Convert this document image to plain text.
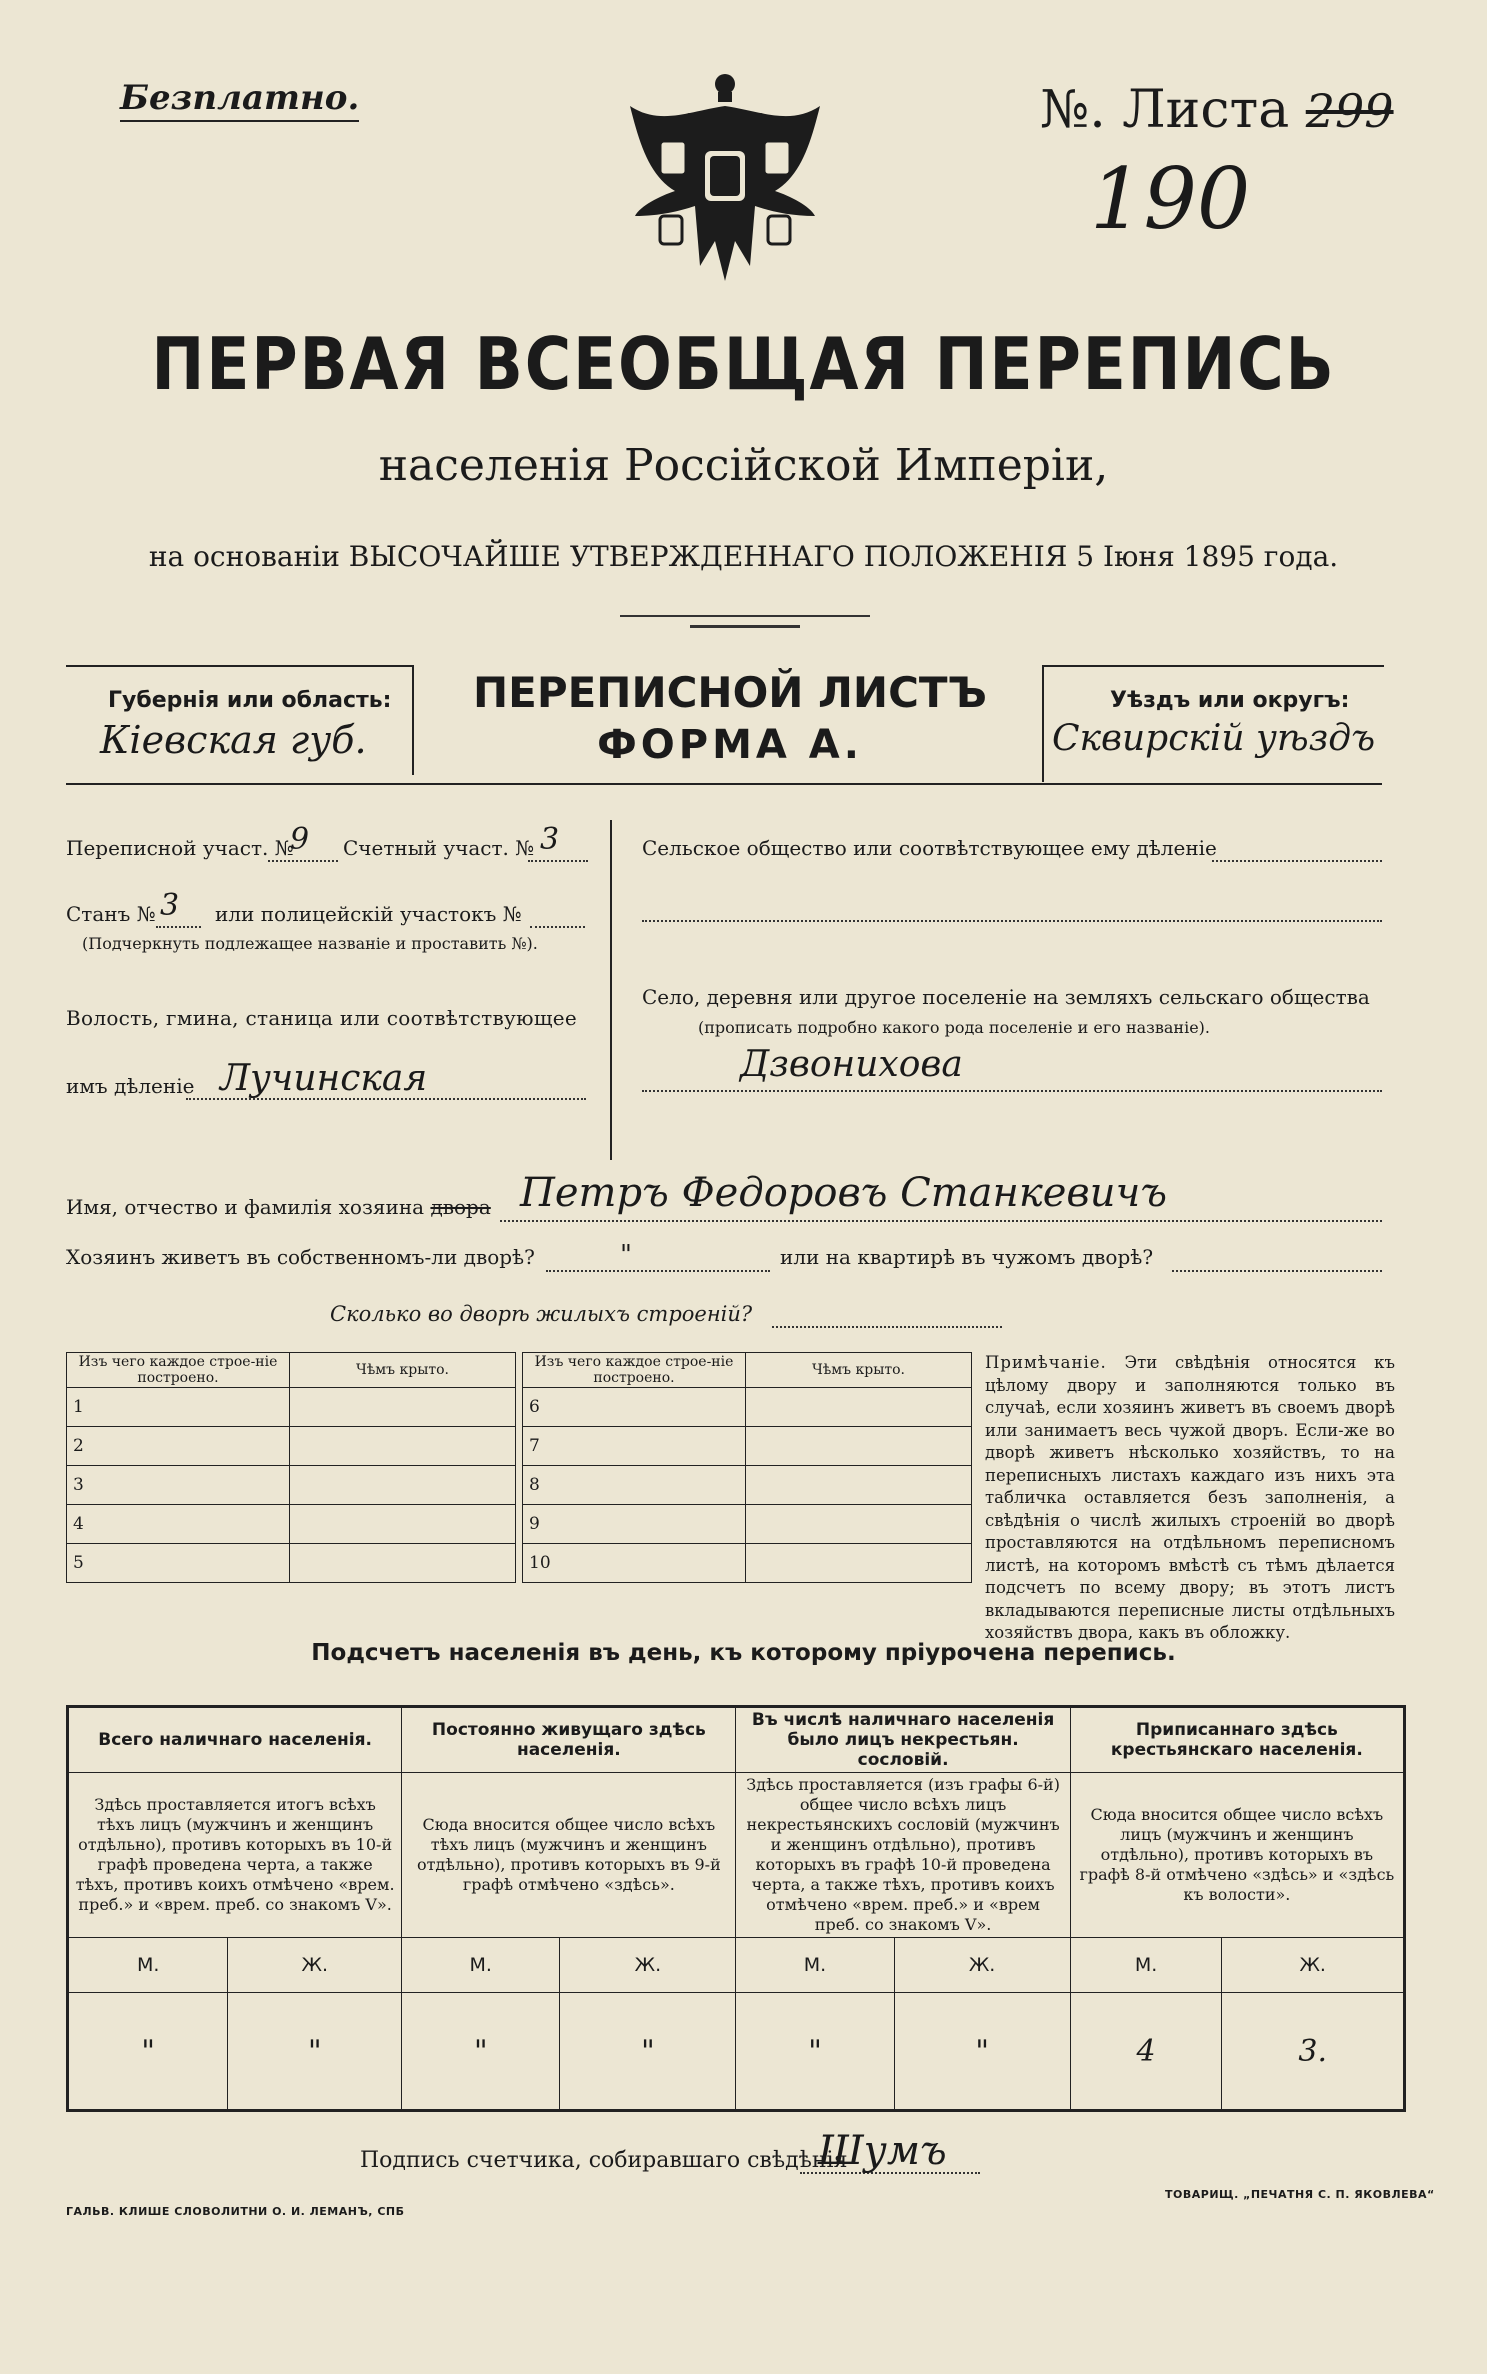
Безплатно.	№. Листа 299
190
ПЕРВАЯ ВСЕОБЩАЯ ПЕРЕПИСЬ
населенія Россійской Имперіи,
на основаніи ВЫСОЧАЙШЕ УТВЕРЖДЕННАГО ПОЛОЖЕНІЯ 5 Іюня 1895 года.
Губернія или область:
Кіевская губ.
ПЕРЕПИСНОЙ ЛИСТЪ
ФОРМА А.
Уѣздъ или округъ:
Сквирскій уѣздъ
Переписной участ. №
9 Счетный участ. № 3
Станъ № 3 или полицейскій участокъ №
(Подчеркнуть подлежащее названіе и проставить №).
Волость, гмина, станица или соотвѣтствующее
имъ дѣленіе Лучинская
Сельское общество или соотвѣтствующее ему дѣленіе
Село, деревня или другое поселеніе на земляхъ сельскаго общества
(прописать подробно какого рода поселеніе и его названіе).
Дзвонихова
Имя, отчество и фамилія хозяина двора Петръ Федоровъ Станкевичъ
Хозяинъ живетъ въ собственномъ-ли дворѣ?	"	или на квартирѣ въ чужомъ дворѣ?
Сколько во дворѣ жилыхъ строеній?
Изъ чего каждое строе-ніе построено.	Чѣмъ крыто.
1	
2	
3	
4	
5	
Изъ чего каждое строе-ніе построено.	Чѣмъ крыто.
6	
7	
8	
9	
10	
Примѣчаніе. Эти свѣдѣнія относятся къ цѣлому двору и заполняются только въ случаѣ, если хозяинъ живетъ въ своемъ дворѣ или занимаетъ весь чужой дворъ. Если-же во дворѣ живетъ нѣсколько хозяйствъ, то на переписныхъ листахъ каждаго изъ нихъ эта табличка оставляется безъ заполненія, а свѣдѣнія о числѣ жилыхъ строеній во дворѣ проставляются на отдѣльномъ переписномъ листѣ, на которомъ вмѣстѣ съ тѣмъ дѣлается подсчетъ по всему двору; въ этотъ листъ вкладываются переписные листы отдѣльныхъ хозяйствъ двора, какъ въ обложку.
Подсчетъ населенія въ день, къ которому пріурочена перепись.
Всего наличнаго населенія.		Постоянно живущаго здѣсь населенія.		Въ числѣ наличнаго населенія было лицъ некрестьян. сословій.		Приписаннаго здѣсь крестьянскаго населенія.	
Здѣсь проставляется итогъ всѣхъ тѣхъ лицъ (мужчинъ и женщинъ отдѣльно), противъ которыхъ въ 10-й графѣ проведена черта, а также тѣхъ, противъ коихъ отмѣчено «врем. преб.» и «врем. преб. со знакомъ V».		Сюда вносится общее число всѣхъ тѣхъ лицъ (мужчинъ и женщинъ отдѣльно), противъ которыхъ въ 9-й графѣ отмѣчено «здѣсь».		Здѣсь проставляется (изъ графы 6-й) общее число всѣхъ лицъ некрестьянскихъ сословій (мужчинъ и женщинъ отдѣльно), противъ которыхъ въ графѣ 10-й проведена черта, а также тѣхъ, противъ коихъ отмѣчено «врем. преб.» и «врем преб. со знакомъ V».		Сюда вносится общее число всѣхъ лицъ (мужчинъ и женщинъ отдѣльно), противъ которыхъ въ графѣ 8-й отмѣчено «здѣсь» и «здѣсь къ волости».	
М.	Ж.	М.	Ж.	М.	Ж.	М.	Ж.
"	"	"	"	"	"	4	3.
Подпись счетчика, собиравшаго свѣдѣнія
Шумъ
ГАЛЬВ. КЛИШЕ СЛОВОЛИТНИ О. И. ЛЕМАНЪ, СПБ
ТОВАРИЩ. „ПЕЧАТНЯ С. П. ЯКОВЛЕВА“
